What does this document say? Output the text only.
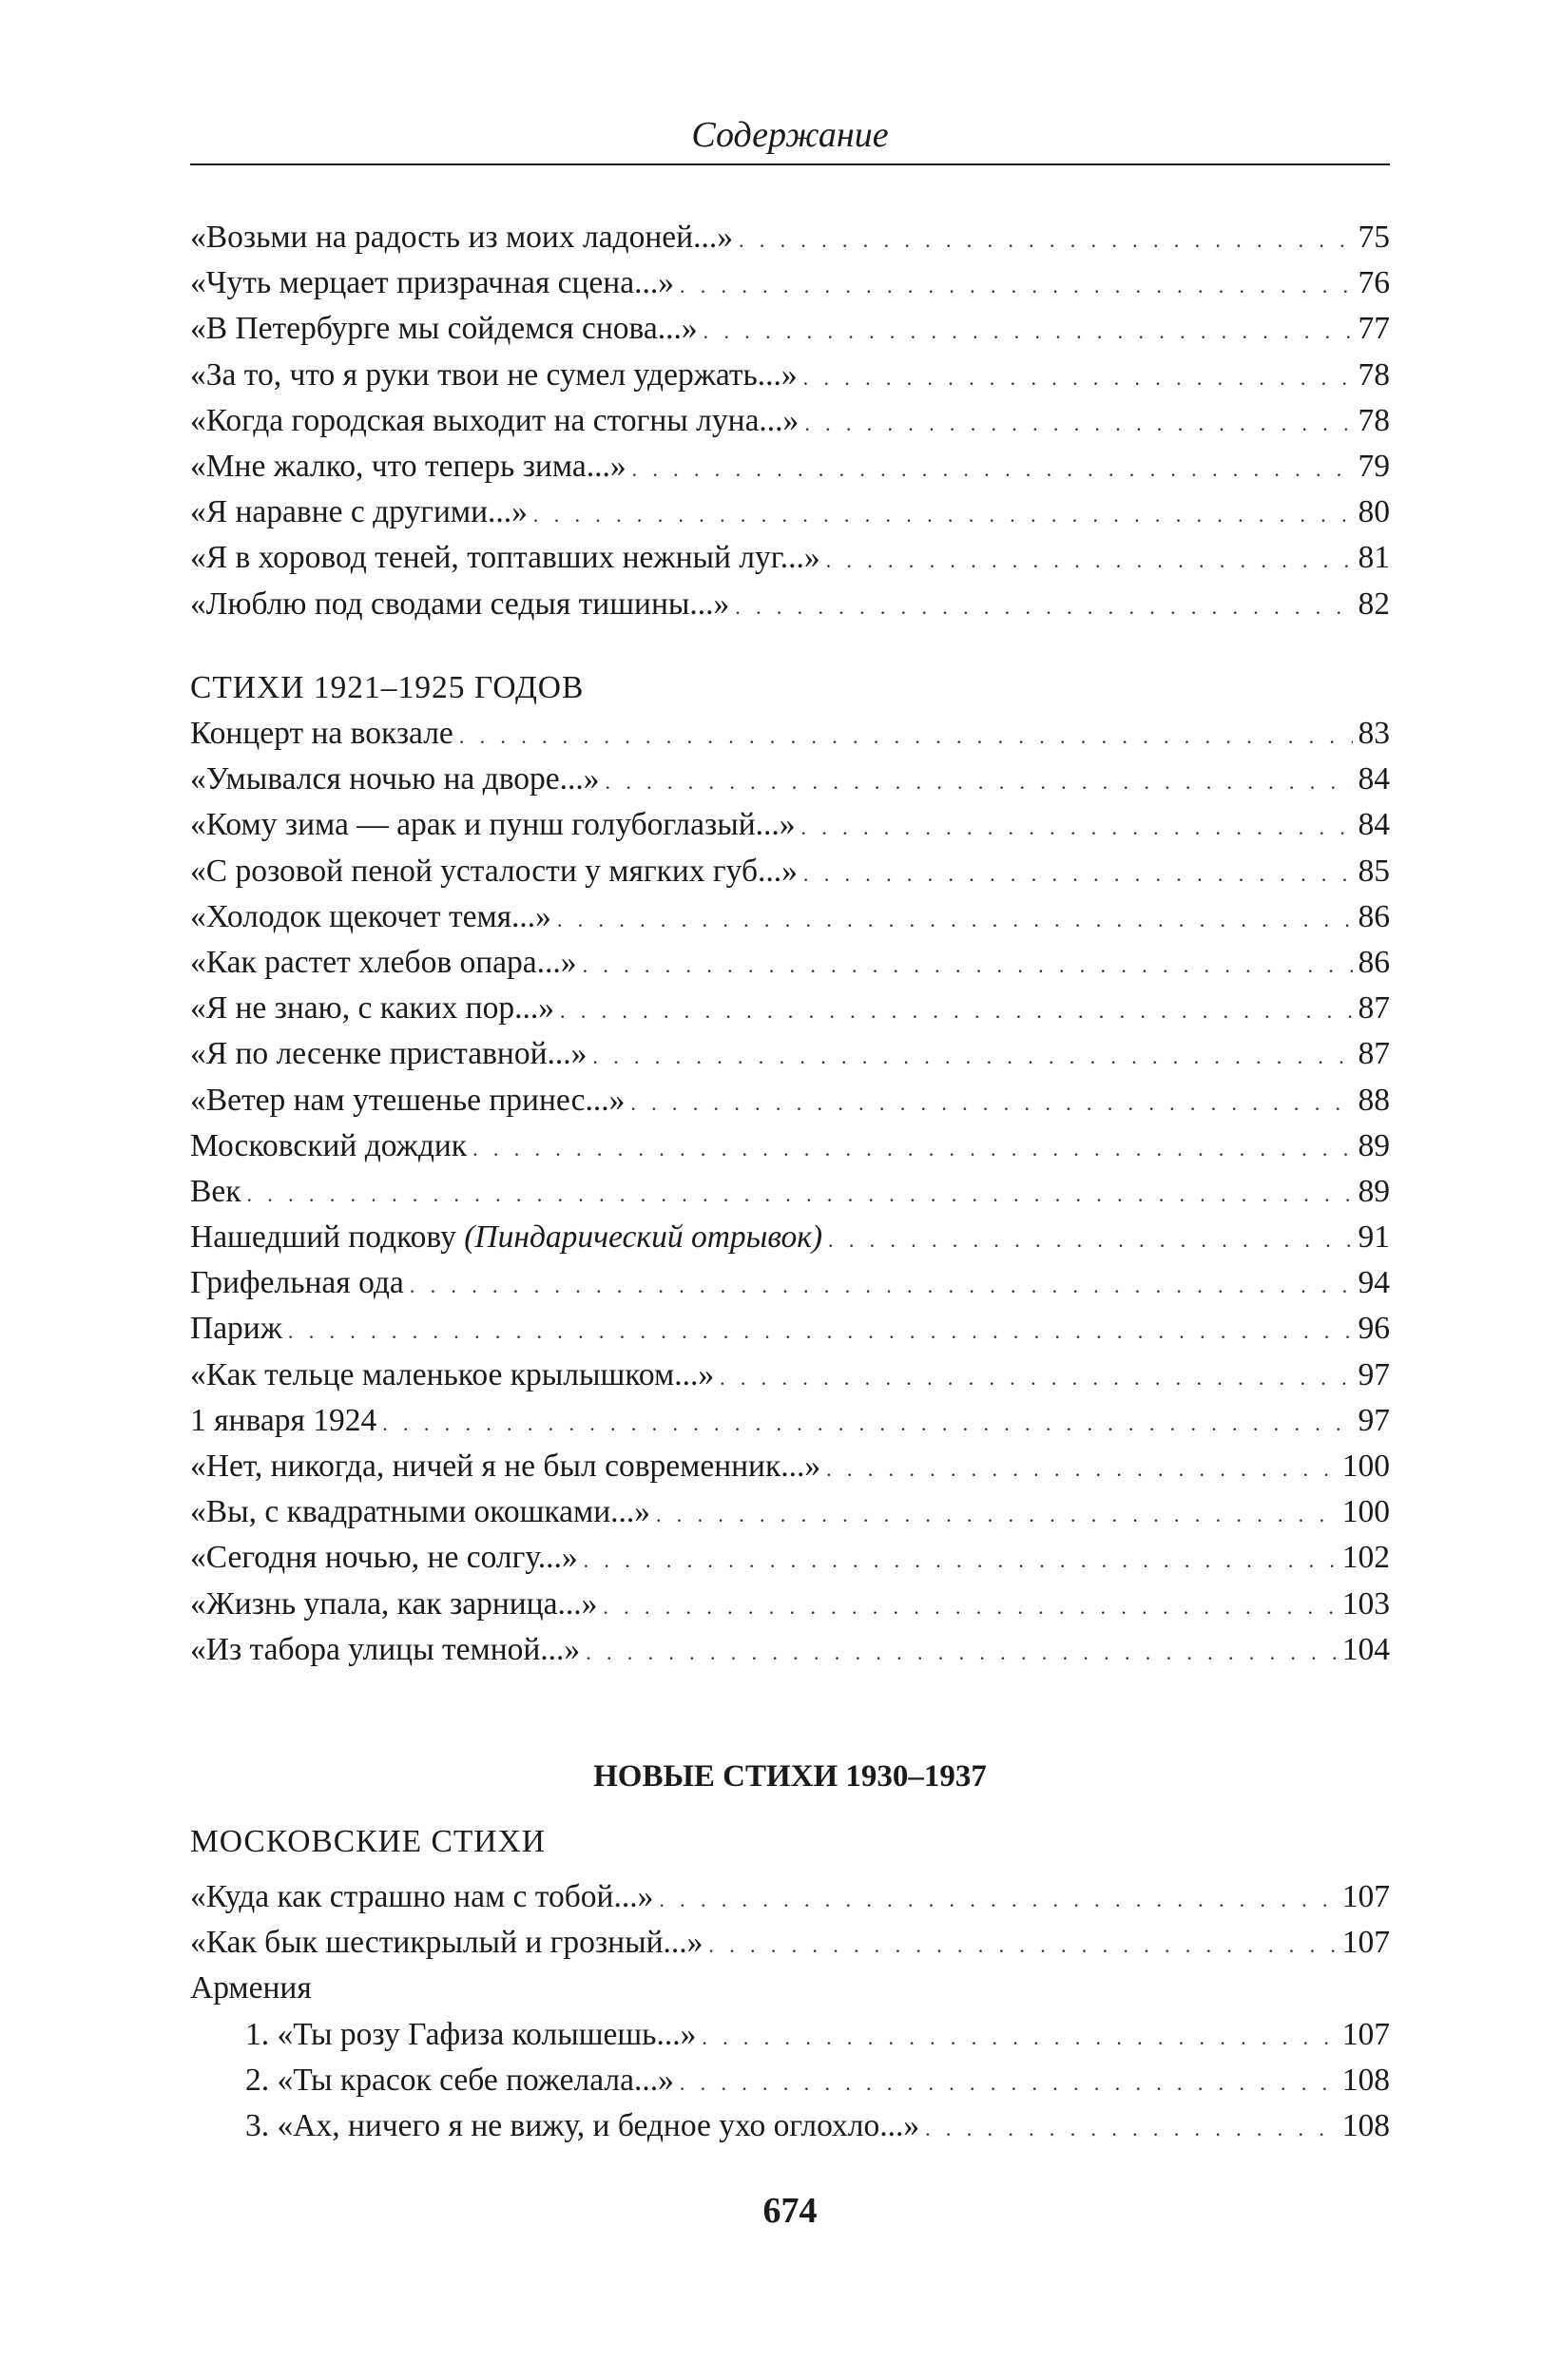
Содержание
«Возьми на радость из моих ладоней...» . . .	75
«Чуть мерцает призрачная сцена...» . . .	76
«В Петербурге мы сойдемся снова...» . . .	77
«За то, что я руки твои не сумел удержать...» . . .	78
«Когда городская выходит на стогны луна...» . . .	78
«Мне жалко, что теперь зима...» . . .	79
«Я наравне с другими...» . . .	80
«Я в хоровод теней, топтавших нежный луг...» . . .	81
«Люблю под сводами седыя тишины...» . . .	82
СТИХИ 1921–1925 ГОДОВ
Концерт на вокзале . . .	83
«Умывался ночью на дворе...» . . .	84
«Кому зима — арак и пунш голубоглазый...» . . .	84
«С розовой пеной усталости у мягких губ...» . . .	85
«Холодок щекочет темя...» . . .	86
«Как растет хлебов опара...» . . .	86
«Я не знаю, с каких пор...» . . .	87
«Я по лесенке приставной...» . . .	87
«Ветер нам утешенье принес...» . . .	88
Московский дождик . . .	89
Век . . .	89
Нашедший подкову (Пиндарический отрывок) . . .	91
Грифельная ода . . .	94
Париж . . .	96
«Как тельце маленькое крылышком...» . . .	97
1 января 1924 . . .	97
«Нет, никогда, ничей я не был современник...» . . .	100
«Вы, с квадратными окошками...» . . .	100
«Сегодня ночью, не солгу...» . . .	102
«Жизнь упала, как зарница...» . . .	103
«Из табора улицы темной...» . . .	104
НОВЫЕ СТИХИ 1930–1937
МОСКОВСКИЕ СТИХИ
«Куда как страшно нам с тобой...» . . .	107
«Как бык шестикрылый и грозный...» . . .	107
Армения
1. «Ты розу Гафиза колышешь...» . . .	107
2. «Ты красок себе пожелала...» . . .	108
3. «Ах, ничего я не вижу, и бедное ухо оглохло...» . . .	108
674
